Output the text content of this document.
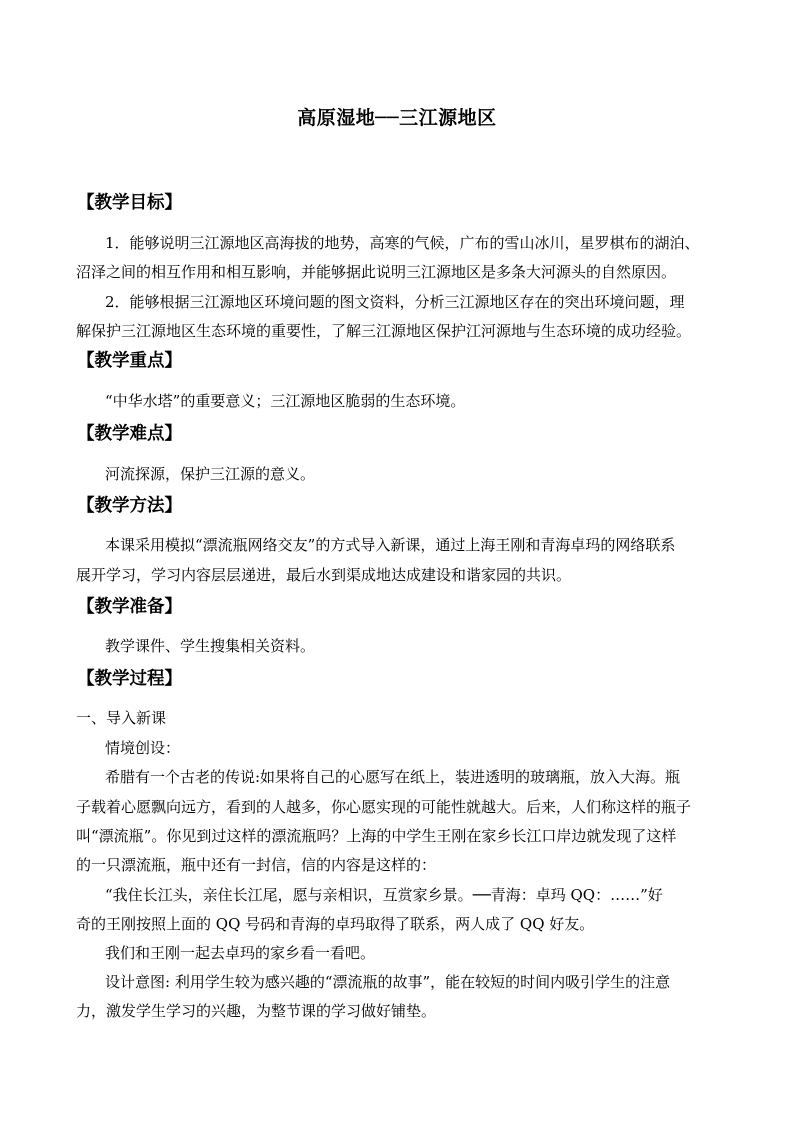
高原湿地──三江源地区
【教学目标】
1．能够说明三江源地区高海拔的地势，高寒的气候，广布的雪山冰川，星罗棋布的湖泊、
沼泽之间的相互作用和相互影响，并能够据此说明三江源地区是多条大河源头的自然原因。
2．能够根据三江源地区环境问题的图文资料，分析三江源地区存在的突出环境问题，理
解保护三江源地区生态环境的重要性，了解三江源地区保护江河源地与生态环境的成功经验。
【教学重点】
“中华水塔”的重要意义；三江源地区脆弱的生态环境。
【教学难点】
河流探源，保护三江源的意义。
【教学方法】
本课采用模拟“漂流瓶网络交友”的方式导入新课，通过上海王刚和青海卓玛的网络联系
展开学习，学习内容层层递进，最后水到渠成地达成建设和谐家园的共识。
【教学准备】
教学课件、学生搜集相关资料。
【教学过程】
一、导入新课
情境创设：
希腊有一个古老的传说:如果将自己的心愿写在纸上，装进透明的玻璃瓶，放入大海。瓶
子载着心愿飘向远方，看到的人越多，你心愿实现的可能性就越大。后来，人们称这样的瓶子
叫“漂流瓶”。你见到过这样的漂流瓶吗？上海的中学生王刚在家乡长江口岸边就发现了这样
的一只漂流瓶，瓶中还有一封信，信的内容是这样的：
“我住长江头，亲住长江尾，愿与亲相识，互赏家乡景。──青海：卓玛 QQ：……”好
奇的王刚按照上面的 QQ 号码和青海的卓玛取得了联系，两人成了 QQ 好友。
我们和王刚一起去卓玛的家乡看一看吧。
设计意图: 利用学生较为感兴趣的“漂流瓶的故事”，能在较短的时间内吸引学生的注意
力，激发学生学习的兴趣，为整节课的学习做好铺垫。
